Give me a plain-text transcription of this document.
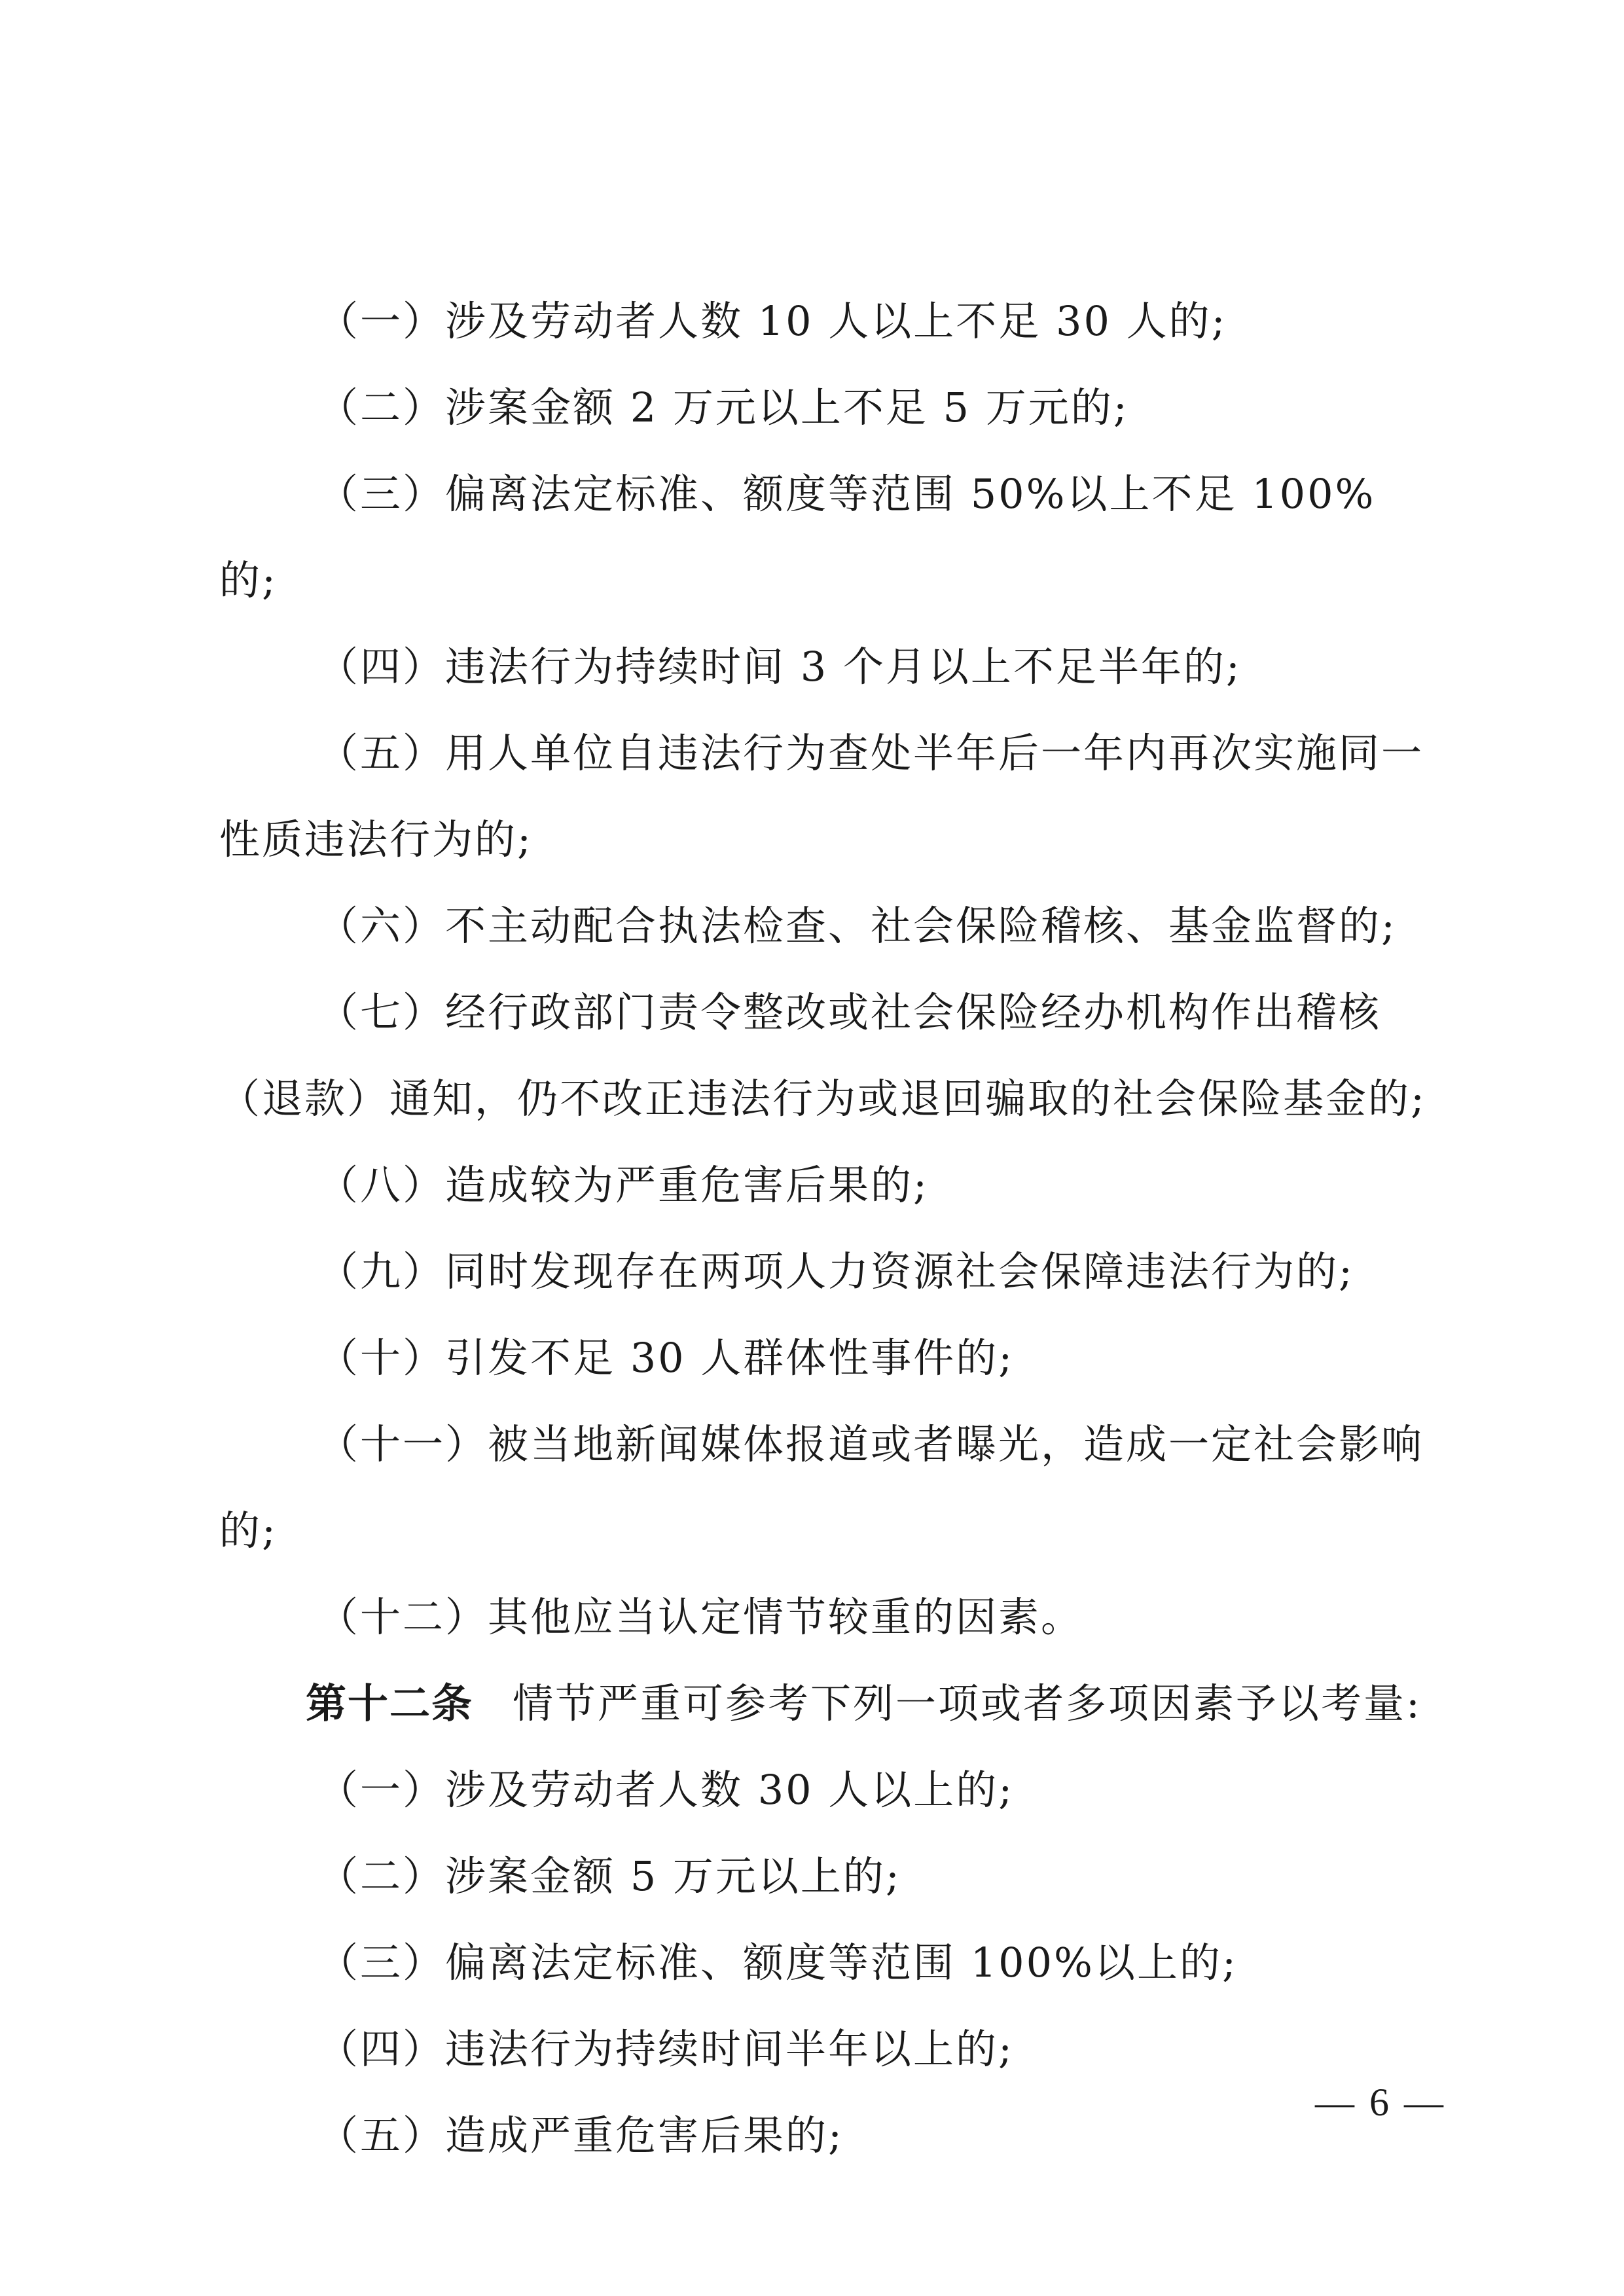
（一）涉及劳动者人数 10 人以上不足 30 人的;

（二）涉案金额 2 万元以上不足 5 万元的;

（三）偏离法定标准、额度等范围 50%以上不足 100%的;

（四）违法行为持续时间 3 个月以上不足半年的;

（五）用人单位自违法行为查处半年后一年内再次实施同一性质违法行为的;

（六）不主动配合执法检查、社会保险稽核、基金监督的;

（七）经行政部门责令整改或社会保险经办机构作出稽核（退款）通知，仍不改正违法行为或退回骗取的社会保险基金的;

（八）造成较为严重危害后果的;

（九）同时发现存在两项人力资源社会保障违法行为的;

（十）引发不足 30 人群体性事件的;

（十一）被当地新闻媒体报道或者曝光，造成一定社会影响的;

（十二）其他应当认定情节较重的因素。

第十二条 情节严重可参考下列一项或者多项因素予以考量:

（一）涉及劳动者人数 30 人以上的;

（二）涉案金额 5 万元以上的;

（三）偏离法定标准、额度等范围 100%以上的;

（四）违法行为持续时间半年以上的;

（五）造成严重危害后果的;

— 6 —
